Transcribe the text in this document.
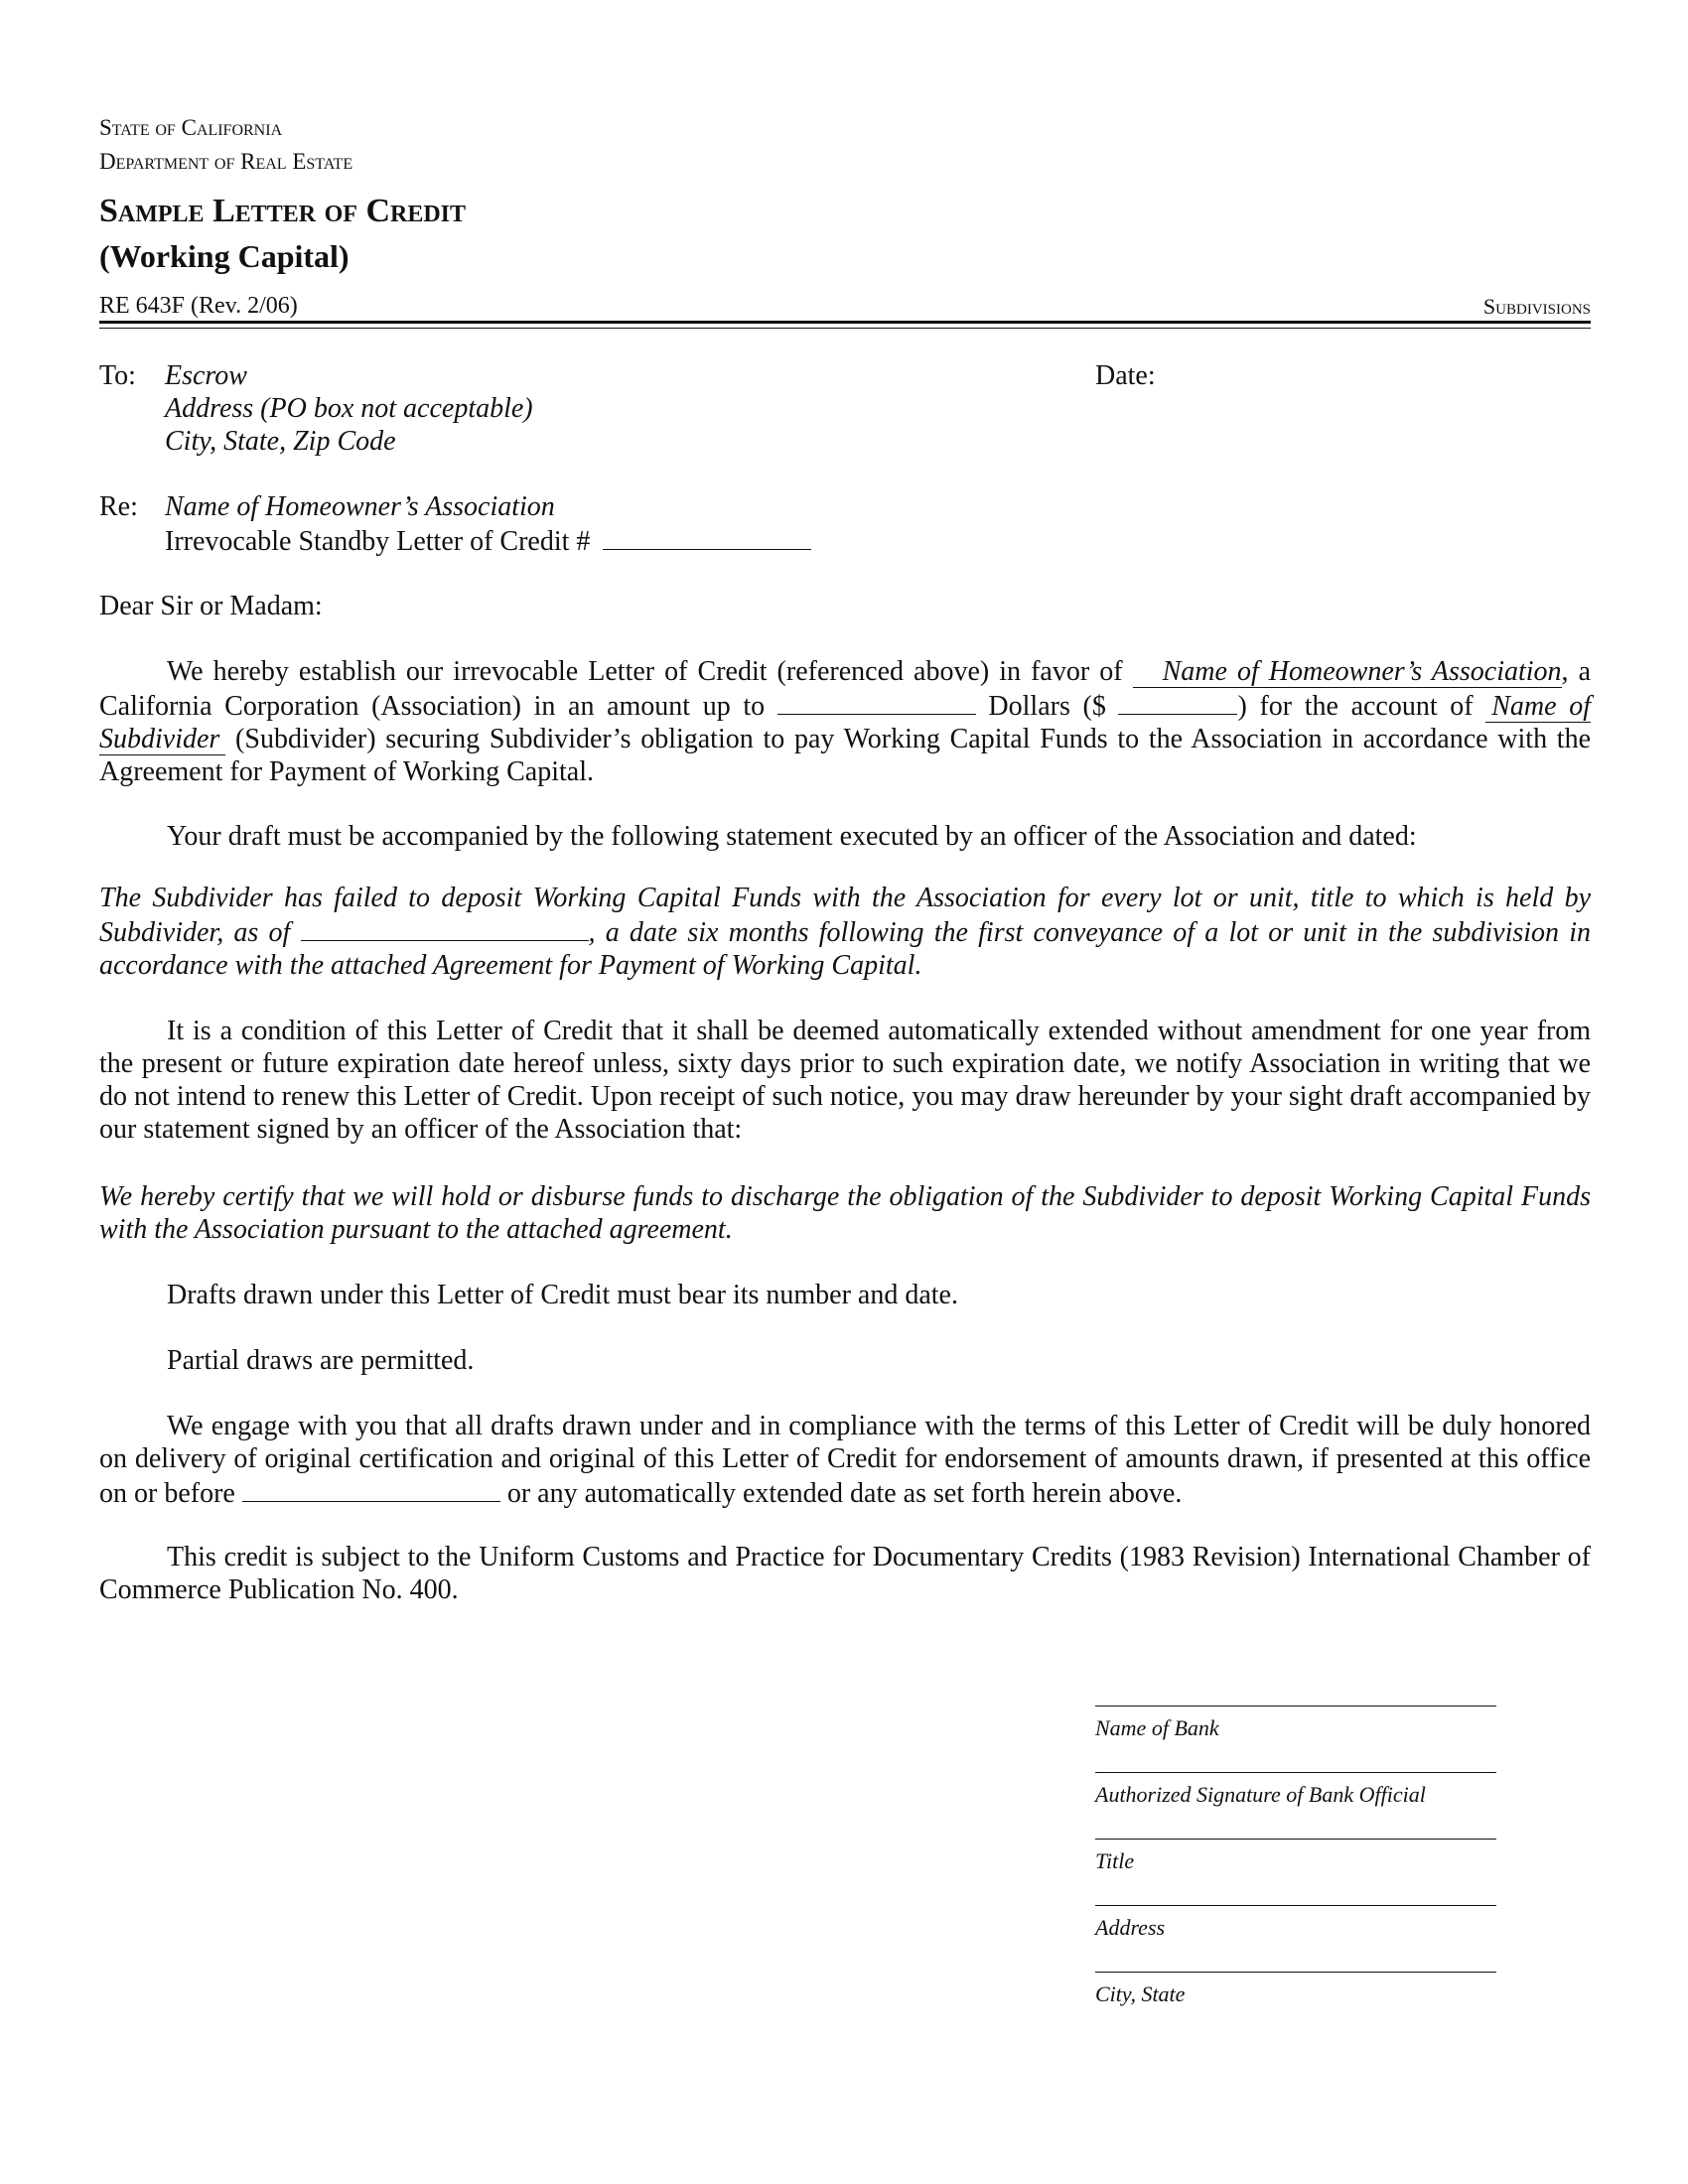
State of California
Department of Real Estate
Sample Letter of Credit
(Working Capital)
RE 643F (Rev. 2/06)	Subdivisions
To: Escrow
Address (PO box not acceptable)
City, State, Zip Code
Date:
Re: Name of Homeowner’s Association
Irrevocable Standby Letter of Credit #
Dear Sir or Madam:
We hereby establish our irrevocable Letter of Credit (referenced above) in favor of Name of Homeowner’s Association, a California Corporation (Association) in an amount up to	Dollars ($	) for the account of Name of Subdivider (Subdivider) securing Subdivider’s obligation to pay Working Capital Funds to the Association in accordance with the Agreement for Payment of Working Capital.
Your draft must be accompanied by the following statement executed by an officer of the Association and dated:
The Subdivider has failed to deposit Working Capital Funds with the Association for every lot or unit, title to which is held by Subdivider, as of	, a date six months following the first conveyance of a lot or unit in the subdivision in accordance with the attached Agreement for Payment of Working Capital.
It is a condition of this Letter of Credit that it shall be deemed automatically extended without amendment for one year from the present or future expiration date hereof unless, sixty days prior to such expiration date, we notify Association in writing that we do not intend to renew this Letter of Credit. Upon receipt of such notice, you may draw hereunder by your sight draft accompanied by our statement signed by an officer of the Association that:
We hereby certify that we will hold or disburse funds to discharge the obligation of the Subdivider to deposit Working Capital Funds with the Association pursuant to the attached agreement.
Drafts drawn under this Letter of Credit must bear its number and date.
Partial draws are permitted.
We engage with you that all drafts drawn under and in compliance with the terms of this Letter of Credit will be duly honored on delivery of original certification and original of this Letter of Credit for endorsement of amounts drawn, if presented at this office on or before	or any automatically extended date as set forth herein above.
This credit is subject to the Uniform Customs and Practice for Documentary Credits (1983 Revision) International Chamber of Commerce Publication No. 400.
Name of Bank
Authorized Signature of Bank Official
Title
Address
City, State
